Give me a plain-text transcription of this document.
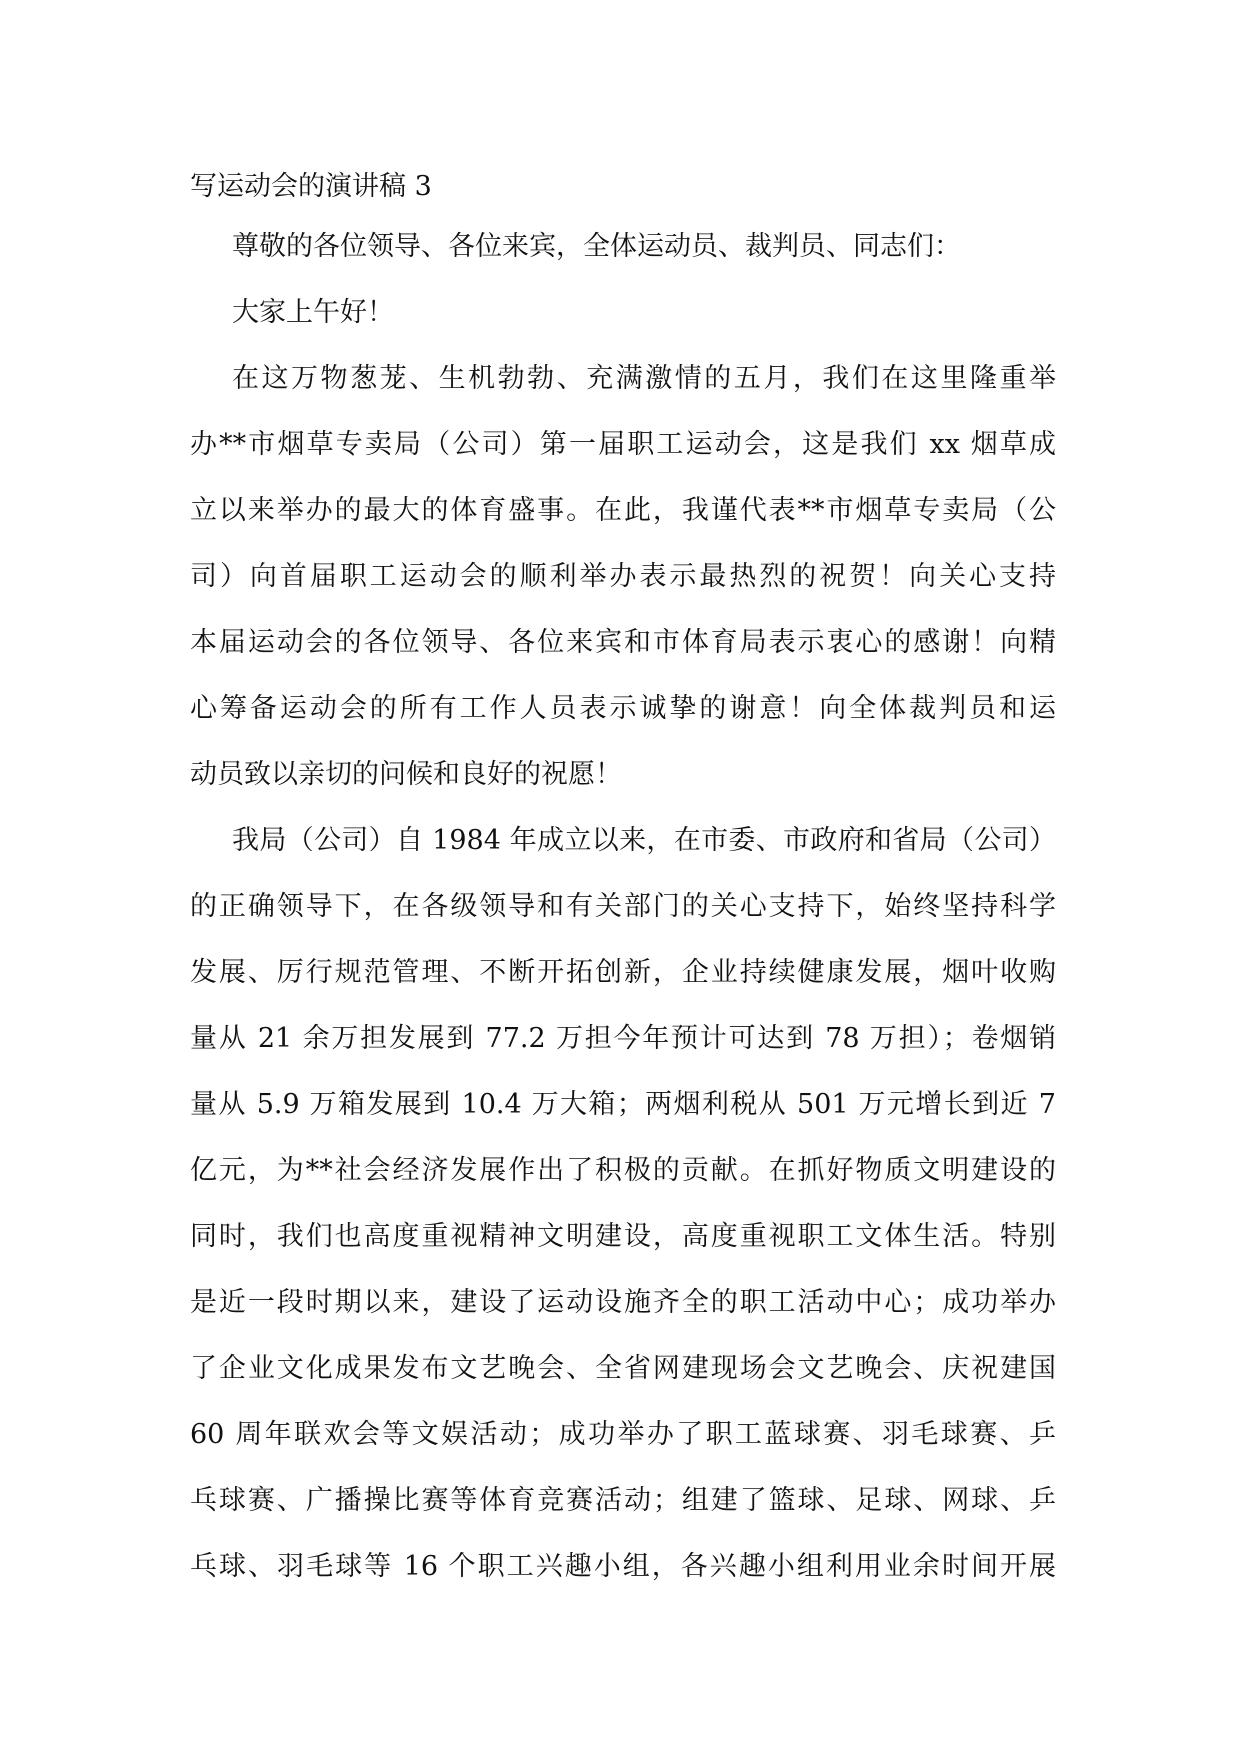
写运动会的演讲稿 3
尊敬的各位领导、各位来宾，全体运动员、裁判员、同志们：
大家上午好！
在这万物葱茏、生机勃勃、充满激情的五月，我们在这里隆重举
办**市烟草专卖局（公司）第一届职工运动会，这是我们 xx 烟草成
立以来举办的最大的体育盛事。在此，我谨代表**市烟草专卖局（公
司）向首届职工运动会的顺利举办表示最热烈的祝贺！向关心支持
本届运动会的各位领导、各位来宾和市体育局表示衷心的感谢！向精
心筹备运动会的所有工作人员表示诚挚的谢意！向全体裁判员和运
动员致以亲切的问候和良好的祝愿！
我局（公司）自 1984 年成立以来，在市委、市政府和省局（公司）
的正确领导下，在各级领导和有关部门的关心支持下，始终坚持科学
发展、厉行规范管理、不断开拓创新，企业持续健康发展，烟叶收购
量从 21 余万担发展到 77.2 万担今年预计可达到 78 万担）；卷烟销
量从 5.9 万箱发展到 10.4 万大箱；两烟利税从 501 万元增长到近 7
亿元，为**社会经济发展作出了积极的贡献。在抓好物质文明建设的
同时，我们也高度重视精神文明建设，高度重视职工文体生活。特别
是近一段时期以来，建设了运动设施齐全的职工活动中心；成功举办
了企业文化成果发布文艺晚会、全省网建现场会文艺晚会、庆祝建国
60 周年联欢会等文娱活动；成功举办了职工蓝球赛、羽毛球赛、乒
乓球赛、广播操比赛等体育竞赛活动；组建了篮球、足球、网球、乒
乓球、羽毛球等 16 个职工兴趣小组，各兴趣小组利用业余时间开展
